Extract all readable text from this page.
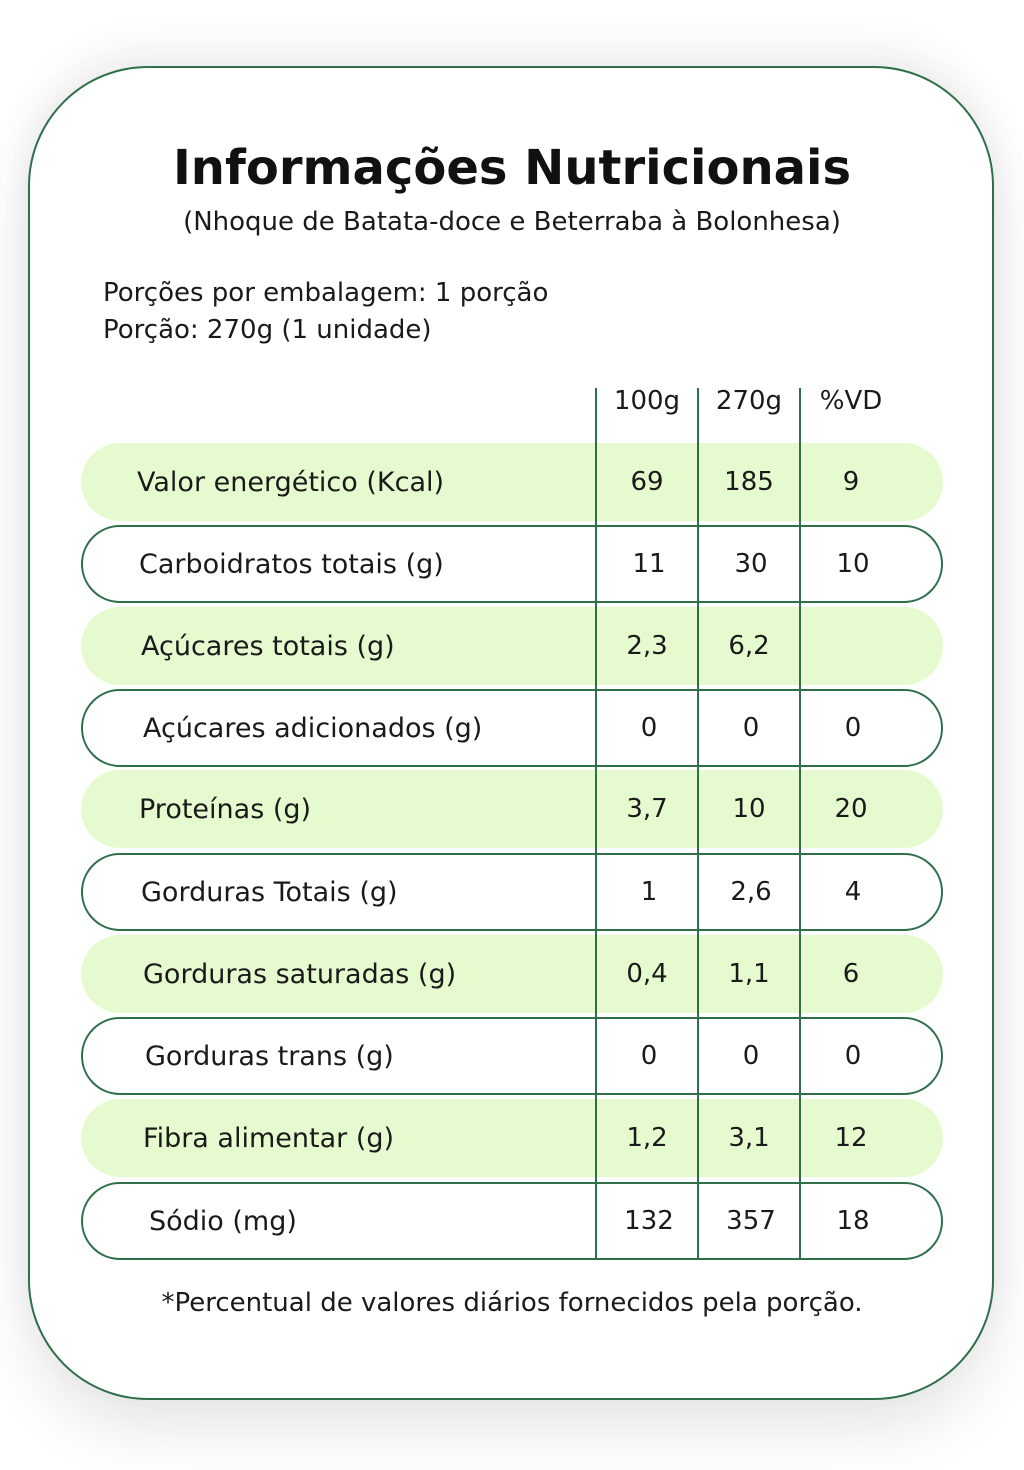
Informações Nutricionais
(Nhoque de Batata-doce e Beterraba à Bolonhesa)
Porções por embalagem: 1 porção
Porção: 270g (1 unidade)
100g	270g	%VD
Valor energético (Kcal)	69	185	9
Carboidratos totais (g)	11	30	10
Açúcares totais (g)	2,3	6,2
Açúcares adicionados (g)	0	0	0
Proteínas (g)	3,7	10	20
Gorduras Totais (g)	1	2,6	4
Gorduras saturadas (g)	0,4	1,1	6
Gorduras trans (g)	0	0	0
Fibra alimentar (g)	1,2	3,1	12
Sódio (mg)	132	357	18
*Percentual de valores diários fornecidos pela porção.
